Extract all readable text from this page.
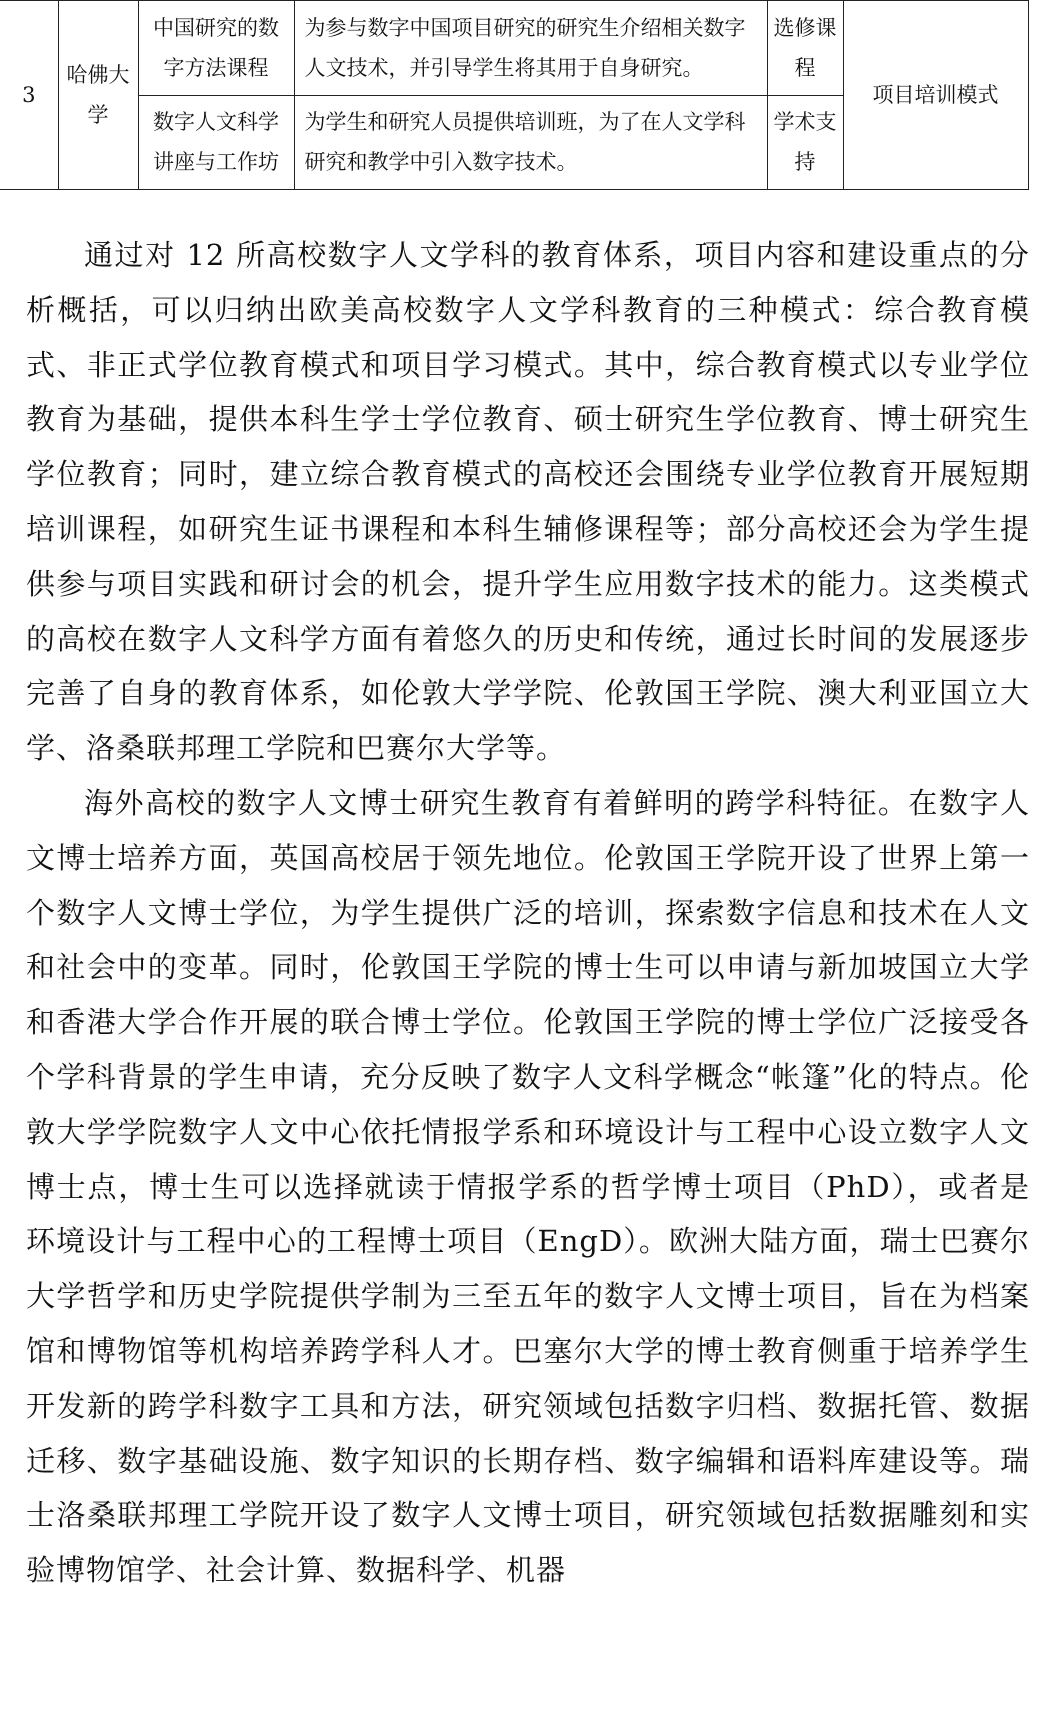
3	哈佛大学	中国研究的数字方法课程	为参与数字中国项目研究的研究生介绍相关数字人文技术，并引导学生将其用于自身研究。	选修课程	项目培训模式
		数字人文科学讲座与工作坊	为学生和研究人员提供培训班，为了在人文学科研究和教学中引入数字技术。	学术支持	

通过对 12 所高校数字人文学科的教育体系，项目内容和建设重点的分析概括，可以归纳出欧美高校数字人文学科教育的三种模式：综合教育模式、非正式学位教育模式和项目学习模式。其中，综合教育模式以专业学位教育为基础，提供本科生学士学位教育、硕士研究生学位教育、博士研究生学位教育；同时，建立综合教育模式的高校还会围绕专业学位教育开展短期培训课程，如研究生证书课程和本科生辅修课程等；部分高校还会为学生提供参与项目实践和研讨会的机会，提升学生应用数字技术的能力。这类模式的高校在数字人文科学方面有着悠久的历史和传统，通过长时间的发展逐步完善了自身的教育体系，如伦敦大学学院、伦敦国王学院、澳大利亚国立大学、洛桑联邦理工学院和巴赛尔大学等。

海外高校的数字人文博士研究生教育有着鲜明的跨学科特征。在数字人文博士培养方面，英国高校居于领先地位。伦敦国王学院开设了世界上第一个数字人文博士学位，为学生提供广泛的培训，探索数字信息和技术在人文和社会中的变革。同时，伦敦国王学院的博士生可以申请与新加坡国立大学和香港大学合作开展的联合博士学位。伦敦国王学院的博士学位广泛接受各个学科背景的学生申请，充分反映了数字人文科学概念“帐篷”化的特点。伦敦大学学院数字人文中心依托情报学系和环境设计与工程中心设立数字人文博士点，博士生可以选择就读于情报学系的哲学博士项目（PhD），或者是环境设计与工程中心的工程博士项目（EngD）。欧洲大陆方面，瑞士巴赛尔大学哲学和历史学院提供学制为三至五年的数字人文博士项目，旨在为档案馆和博物馆等机构培养跨学科人才。巴塞尔大学的博士教育侧重于培养学生开发新的跨学科数字工具和方法，研究领域包括数字归档、数据托管、数据迁移、数字基础设施、数字知识的长期存档、数字编辑和语料库建设等。瑞士洛桑联邦理工学院开设了数字人文博士项目，研究领域包括数据雕刻和实验博物馆学、社会计算、数据科学、机器
